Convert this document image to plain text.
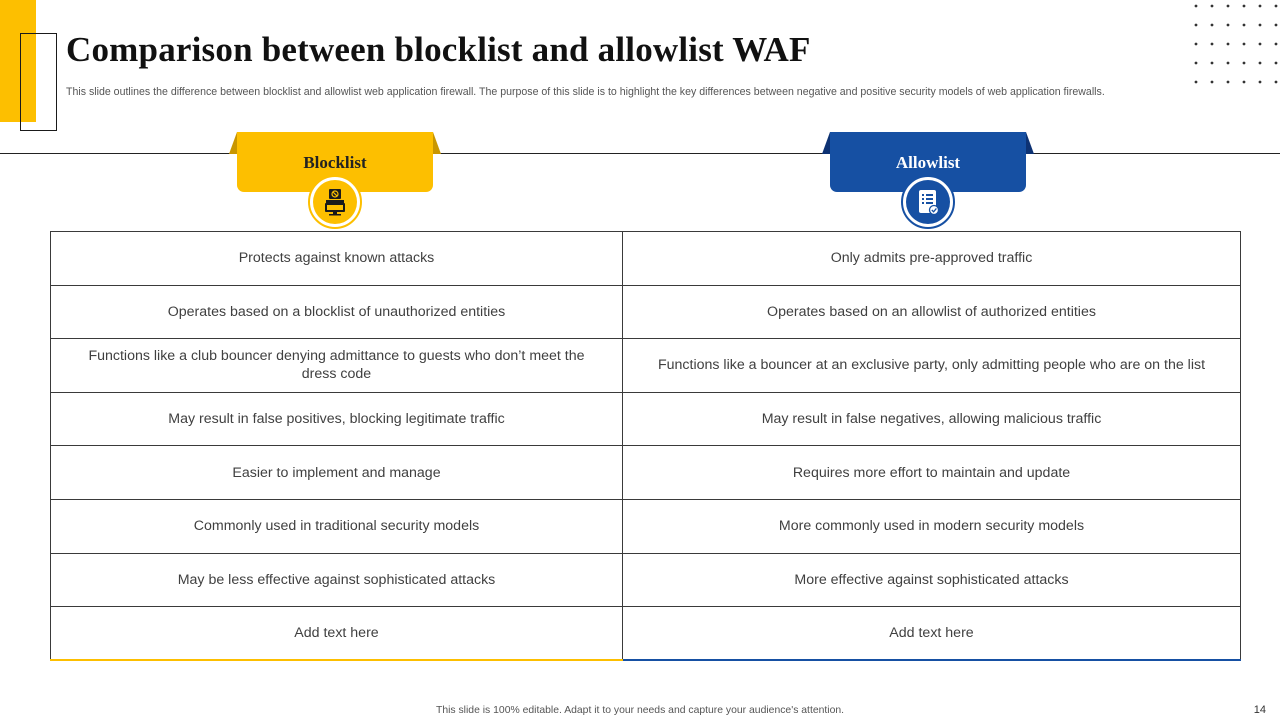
Comparison between blocklist and allowlist WAF

This slide outlines the difference between blocklist and allowlist web application firewall. The purpose of this slide is to highlight the key differences between negative and positive security models of web application firewalls.

Blocklist	Allowlist
Protects against known attacks	Only admits pre-approved traffic
Operates based on a blocklist of unauthorized entities	Operates based on an allowlist of authorized entities
Functions like a club bouncer denying admittance to guests who don’t meet the dress code	Functions like a bouncer at an exclusive party, only admitting people who are on the list
May result in false positives, blocking legitimate traffic	May result in false negatives, allowing malicious traffic
Easier to implement and manage	Requires more effort to maintain and update
Commonly used in traditional security models	More commonly used in modern security models
May be less effective against sophisticated attacks	More effective against sophisticated attacks
Add text here	Add text here
This slide is 100% editable. Adapt it to your needs and capture your audience's attention.	14
